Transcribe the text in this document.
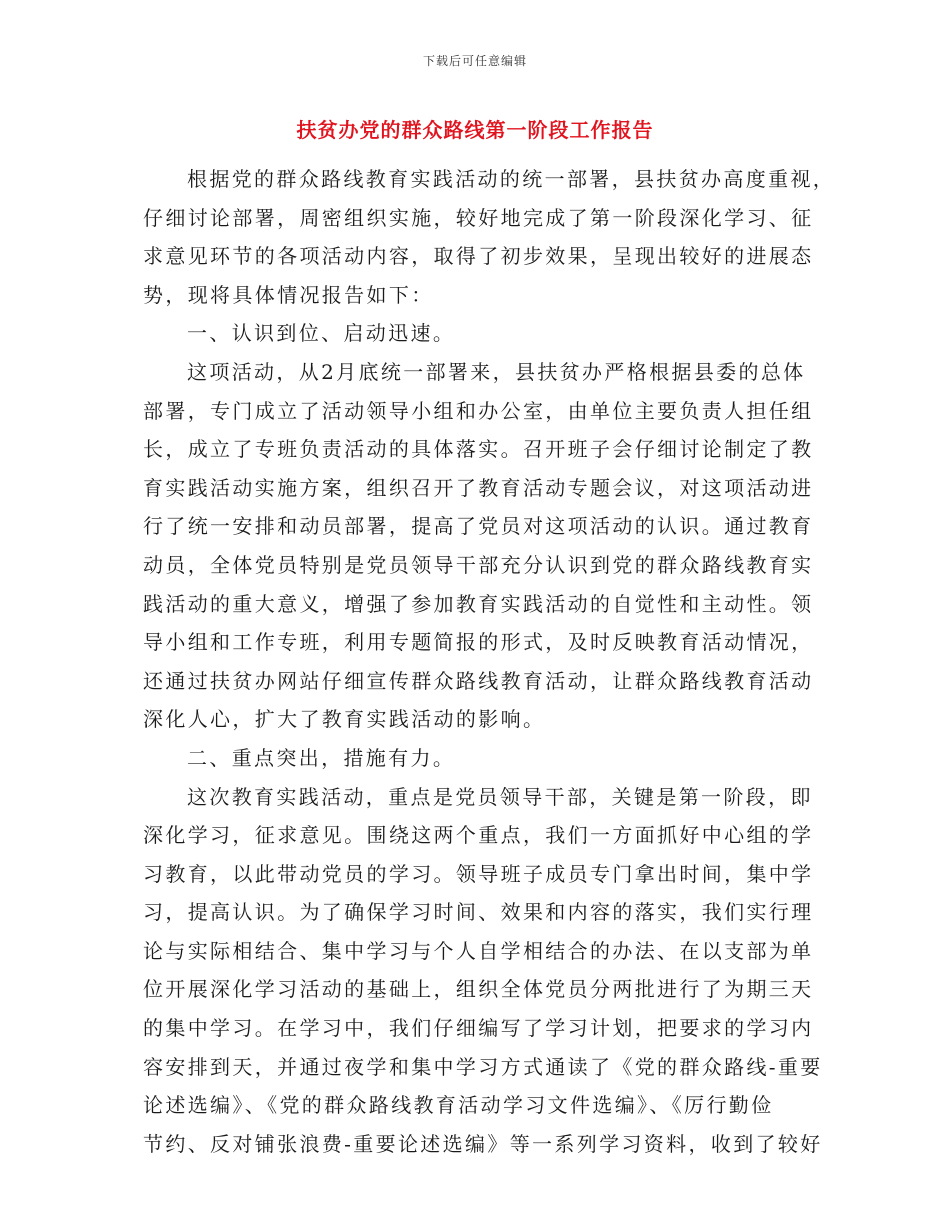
下载后可任意编辑
扶贫办党的群众路线第一阶段工作报告
根据党的群众路线教育实践活动的统一部署，县扶贫办高度重视，
仔细讨论部署，周密组织实施，较好地完成了第一阶段深化学习、征
求意见环节的各项活动内容，取得了初步效果，呈现出较好的进展态
势，现将具体情况报告如下：
一、认识到位、启动迅速。
这项活动，从2月底统一部署来，县扶贫办严格根据县委的总体
部署，专门成立了活动领导小组和办公室，由单位主要负责人担任组
长，成立了专班负责活动的具体落实。召开班子会仔细讨论制定了教
育实践活动实施方案，组织召开了教育活动专题会议，对这项活动进
行了统一安排和动员部署，提高了党员对这项活动的认识。通过教育
动员，全体党员特别是党员领导干部充分认识到党的群众路线教育实
践活动的重大意义，增强了参加教育实践活动的自觉性和主动性。领
导小组和工作专班，利用专题简报的形式，及时反映教育活动情况，
还通过扶贫办网站仔细宣传群众路线教育活动，让群众路线教育活动
深化人心，扩大了教育实践活动的影响。
二、重点突出，措施有力。
这次教育实践活动，重点是党员领导干部，关键是第一阶段，即
深化学习，征求意见。围绕这两个重点，我们一方面抓好中心组的学
习教育，以此带动党员的学习。领导班子成员专门拿出时间，集中学
习，提高认识。为了确保学习时间、效果和内容的落实，我们实行理
论与实际相结合、集中学习与个人自学相结合的办法、在以支部为单
位开展深化学习活动的基础上，组织全体党员分两批进行了为期三天
的集中学习。在学习中，我们仔细编写了学习计划，把要求的学习内
容安排到天，并通过夜学和集中学习方式通读了《党的群众路线-重要
论述选编》、《党的群众路线教育活动学习文件选编》、《厉行勤俭
节约、反对铺张浪费-重要论述选编》等一系列学习资料，收到了较好
